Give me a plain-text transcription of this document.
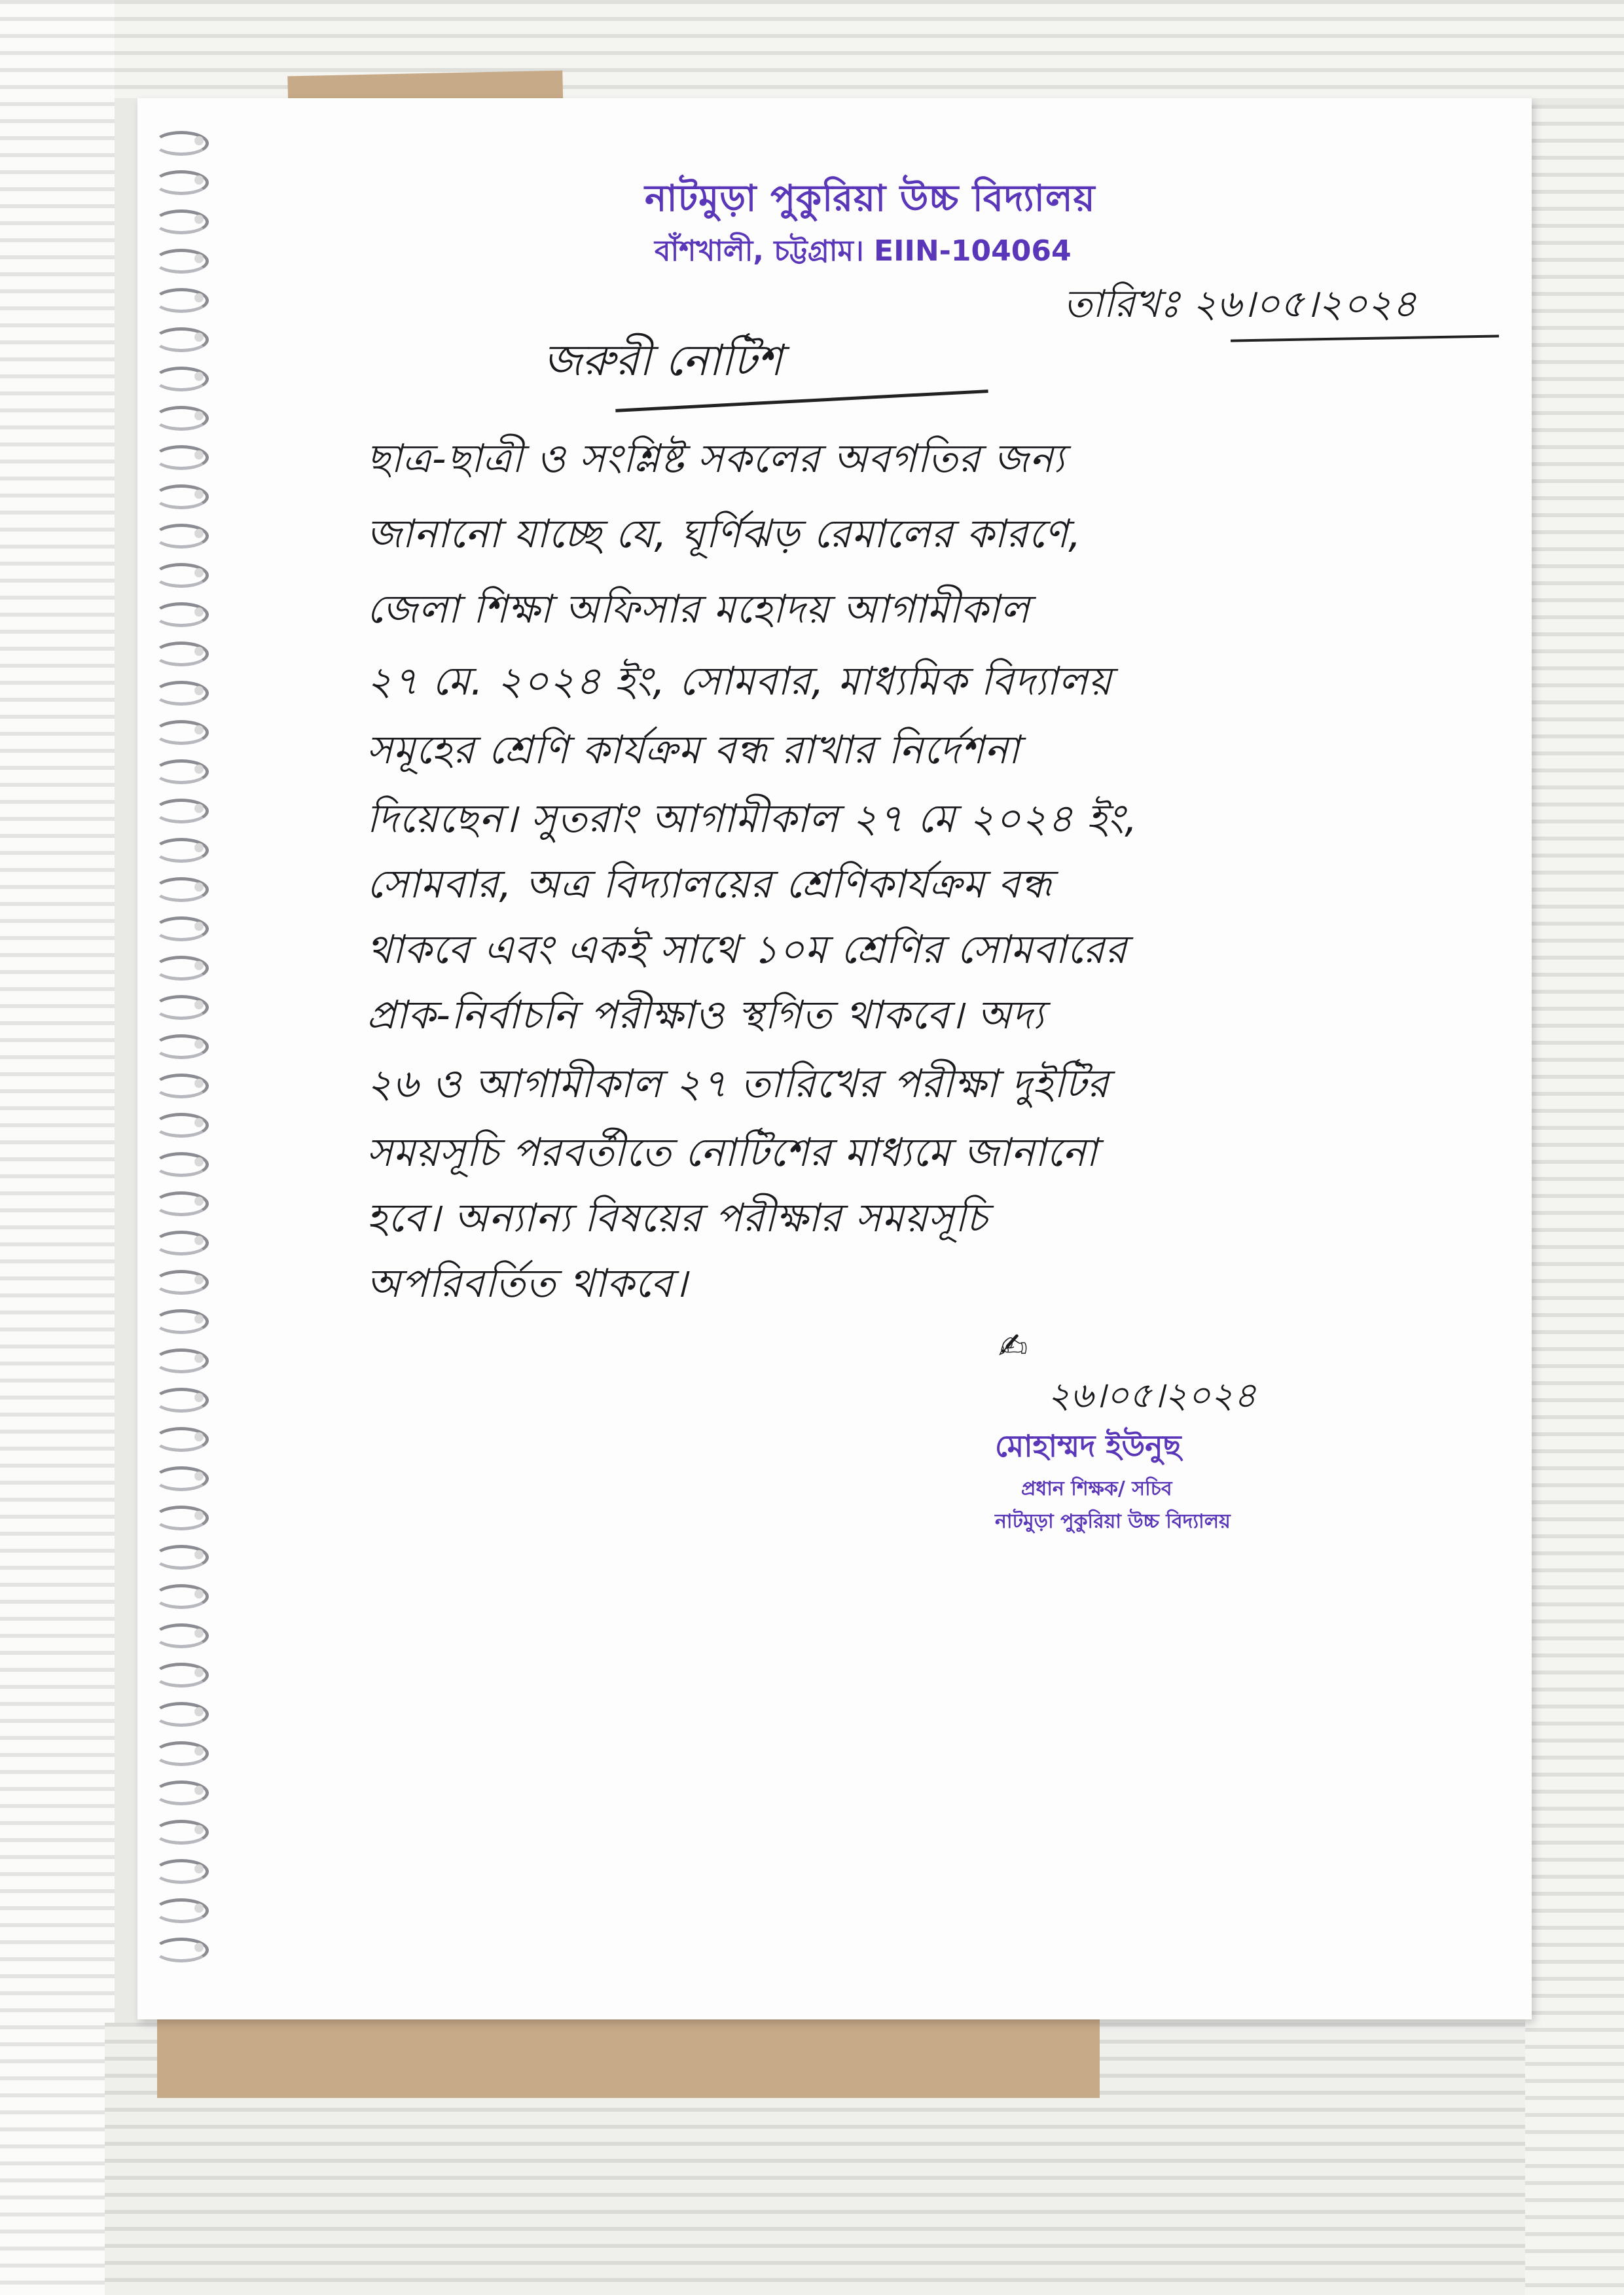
নাটমুড়া পুকুরিয়া উচ্চ বিদ্যালয়
বাঁশখালী, চট্টগ্রাম। EIIN-104064
তারিখঃ ২৬।০৫।২০২৪
জরুরী নোটিশ
ছাত্র-ছাত্রী ও সংশ্লিষ্ট সকলের অবগতির জন্য
জানানো যাচ্ছে যে, ঘূর্ণিঝড় রেমালের কারণে,
জেলা শিক্ষা অফিসার মহোদয় আগামীকাল
২৭ মে. ২০২৪ ইং, সোমবার, মাধ্যমিক বিদ্যালয়
সমূহের শ্রেণি কার্যক্রম বন্ধ রাখার নির্দেশনা
দিয়েছেন। সুতরাং আগামীকাল ২৭ মে ২০২৪ ইং,
সোমবার, অত্র বিদ্যালয়ের শ্রেণিকার্যক্রম বন্ধ
থাকবে এবং একই সাথে ১০ম শ্রেণির সোমবারের
প্রাক-নির্বাচনি পরীক্ষাও স্থগিত থাকবে। অদ্য
২৬ ও আগামীকাল ২৭ তারিখের পরীক্ষা দুইটির
সময়সূচি পরবর্তীতে নোটিশের মাধ্যমে জানানো
হবে। অন্যান্য বিষয়ের পরীক্ষার সময়সূচি
অপরিবর্তিত থাকবে।
✍
২৬।০৫।২০২৪
মোহাম্মদ ইউনুছ
প্রধান শিক্ষক/ সচিব
নাটমুড়া পুকুরিয়া উচ্চ বিদ্যালয়
